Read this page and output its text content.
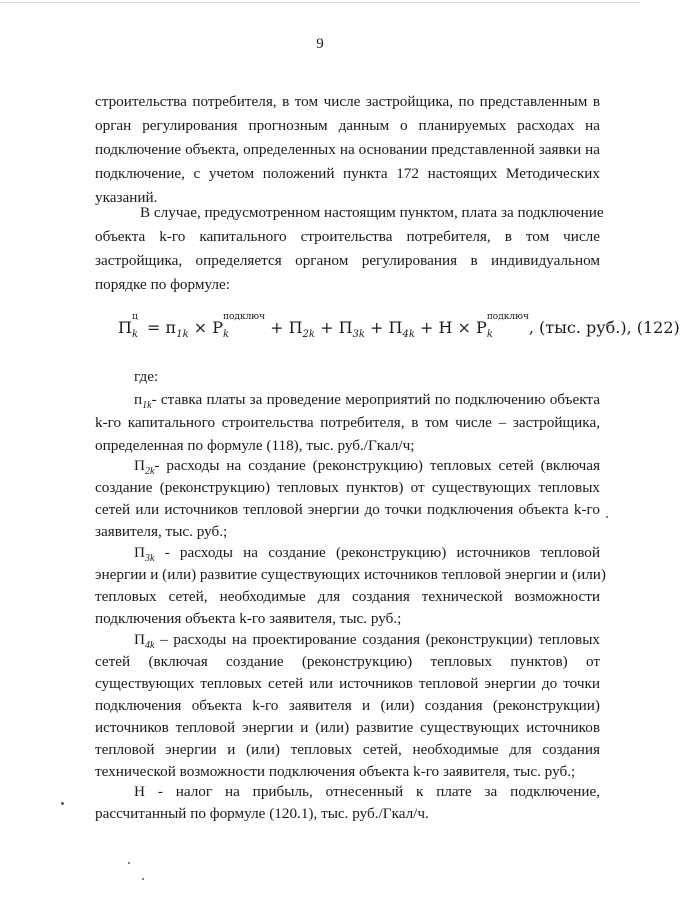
9
строительства потребителя, в том числе застройщика, по представленным в
орган регулирования прогнозным данным о планируемых расходах на
подключение объекта, определенных на основании представленной заявки на
подключение, с учетом положений пункта 172 настоящих Методических
указаний.
В случае, предусмотренном настоящим пунктом, плата за подключение
объекта k-го капитального строительства потребителя, в том числе
застройщика, определяется органом регулирования в индивидуальном
порядке по формуле:
П
ц
$k = п_{1k} \times P$
подключ
k	+ $П_{2k} + П_{3k} + П_{4k} + Н \times P$
подключ
k , (тыс. руб.), (122)
где:
$п_{1k}-$ ставка платы за проведение мероприятий по подключению объекта
k-го капитального строительства потребителя, в том числе – застройщика,
определенная по формуле (118), тыс. руб./Гкал/ч;
$П_{2k}-$ расходы на создание (реконструкцию) тепловых сетей (включая
создание (реконструкцию) тепловых пунктов) от существующих тепловых
сетей или источников тепловой энергии до точки подключения объекта k-го
заявителя, тыс. руб.;
$П_{3k}$ - расходы на создание (реконструкцию) источников тепловой
энергии и (или) развитие существующих источников тепловой энергии и (или)
тепловых сетей, необходимые для создания технической возможности
подключения объекта k-го заявителя, тыс. руб.;
$П_{4k}$ – расходы на проектирование создания (реконструкции) тепловых
сетей (включая создание (реконструкцию) тепловых пунктов) от
существующих тепловых сетей или источников тепловой энергии до точки
подключения объекта k-го заявителя и (или) создания (реконструкции)
источников тепловой энергии и (или) развитие существующих источников
тепловой энергии и (или) тепловых сетей, необходимые для создания
технической возможности подключения объекта k-го заявителя, тыс. руб.;
Н - налог на прибыль, отнесенный к плате за подключение,
рассчитанный по формуле (120.1), тыс. руб./Гкал/ч.
